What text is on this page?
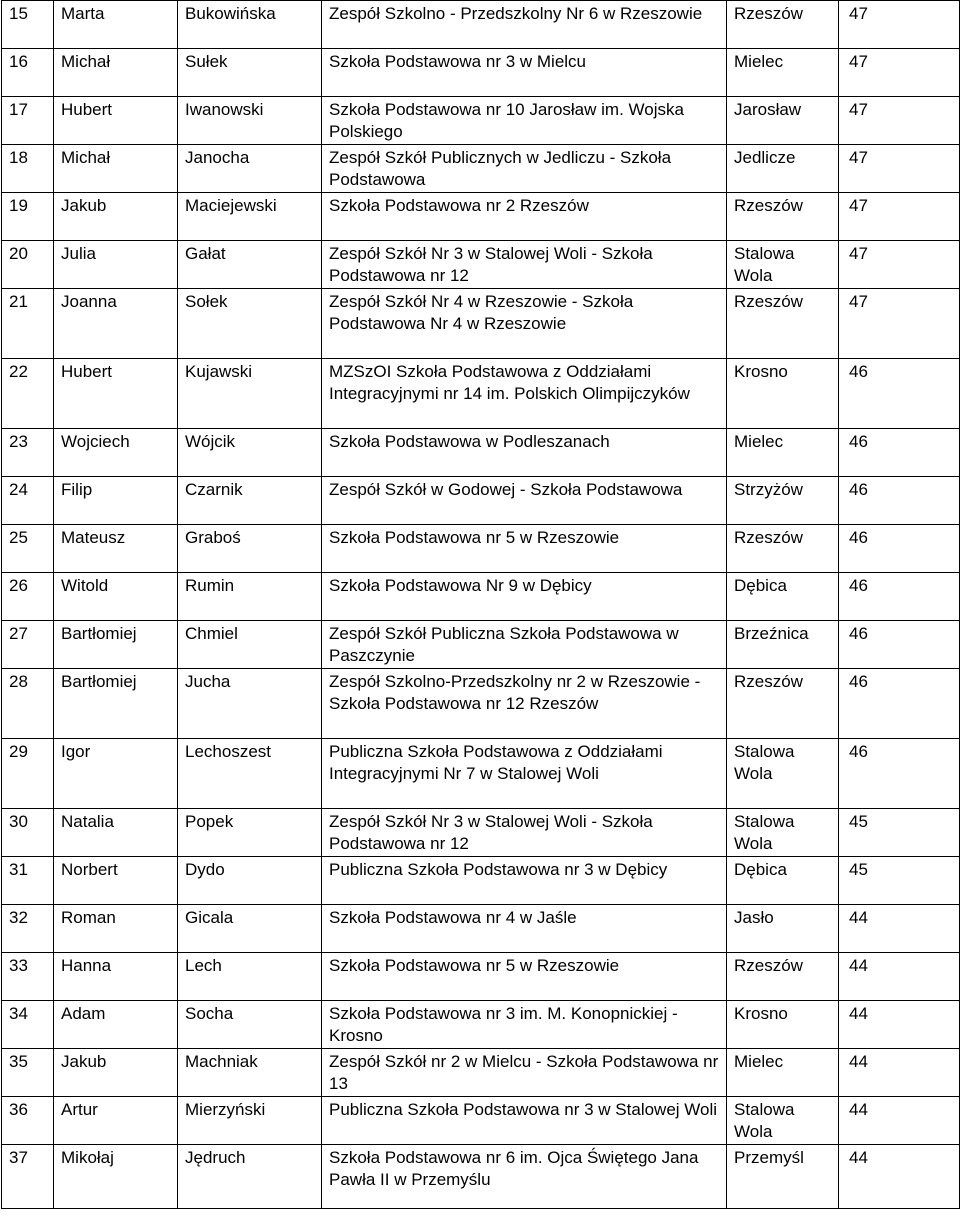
15	Marta	Bukowińska	Zespół Szkolno - Przedszkolny Nr 6 w Rzeszowie	Rzeszów	47
16	Michał	Sułek	Szkoła Podstawowa nr 3 w Mielcu	Mielec	47
17	Hubert	Iwanowski	Szkoła Podstawowa nr 10 Jarosław im. Wojska Polskiego	Jarosław	47
18	Michał	Janocha	Zespół Szkół Publicznych w Jedliczu - Szkoła Podstawowa	Jedlicze	47
19	Jakub	Maciejewski	Szkoła Podstawowa nr 2 Rzeszów	Rzeszów	47
20	Julia	Gałat	Zespół Szkół Nr 3 w Stalowej Woli - Szkoła Podstawowa nr 12	Stalowa Wola	47
21	Joanna	Sołek	Zespół Szkół Nr 4 w Rzeszowie - Szkoła Podstawowa Nr 4 w Rzeszowie	Rzeszów	47
22	Hubert	Kujawski	MZSzOI Szkoła Podstawowa z Oddziałami Integracyjnymi nr 14 im. Polskich Olimpijczyków	Krosno	46
23	Wojciech	Wójcik	Szkoła Podstawowa w Podleszanach	Mielec	46
24	Filip	Czarnik	Zespół Szkół w Godowej - Szkoła Podstawowa	Strzyżów	46
25	Mateusz	Graboś	Szkoła Podstawowa nr 5 w Rzeszowie	Rzeszów	46
26	Witold	Rumin	Szkoła Podstawowa Nr 9 w Dębicy	Dębica	46
27	Bartłomiej	Chmiel	Zespół Szkół Publiczna Szkoła Podstawowa w Paszczynie	Brzeźnica	46
28	Bartłomiej	Jucha	Zespół Szkolno-Przedszkolny nr 2 w Rzeszowie - Szkoła Podstawowa nr 12 Rzeszów	Rzeszów	46
29	Igor	Lechoszest	Publiczna Szkoła Podstawowa z Oddziałami Integracyjnymi Nr 7 w Stalowej Woli	Stalowa Wola	46
30	Natalia	Popek	Zespół Szkół Nr 3 w Stalowej Woli - Szkoła Podstawowa nr 12	Stalowa Wola	45
31	Norbert	Dydo	Publiczna Szkoła Podstawowa nr 3 w Dębicy	Dębica	45
32	Roman	Gicala	Szkoła Podstawowa nr 4 w Jaśle	Jasło	44
33	Hanna	Lech	Szkoła Podstawowa nr 5 w Rzeszowie	Rzeszów	44
34	Adam	Socha	Szkoła Podstawowa nr 3 im. M. Konopnickiej - Krosno	Krosno	44
35	Jakub	Machniak	Zespół Szkół nr 2 w Mielcu - Szkoła Podstawowa nr 13	Mielec	44
36	Artur	Mierzyński	Publiczna Szkoła Podstawowa nr 3 w Stalowej Woli	Stalowa Wola	44
37	Mikołaj	Jędruch	Szkoła Podstawowa nr 6 im. Ojca Świętego Jana Pawła II w Przemyślu	Przemyśl	44
